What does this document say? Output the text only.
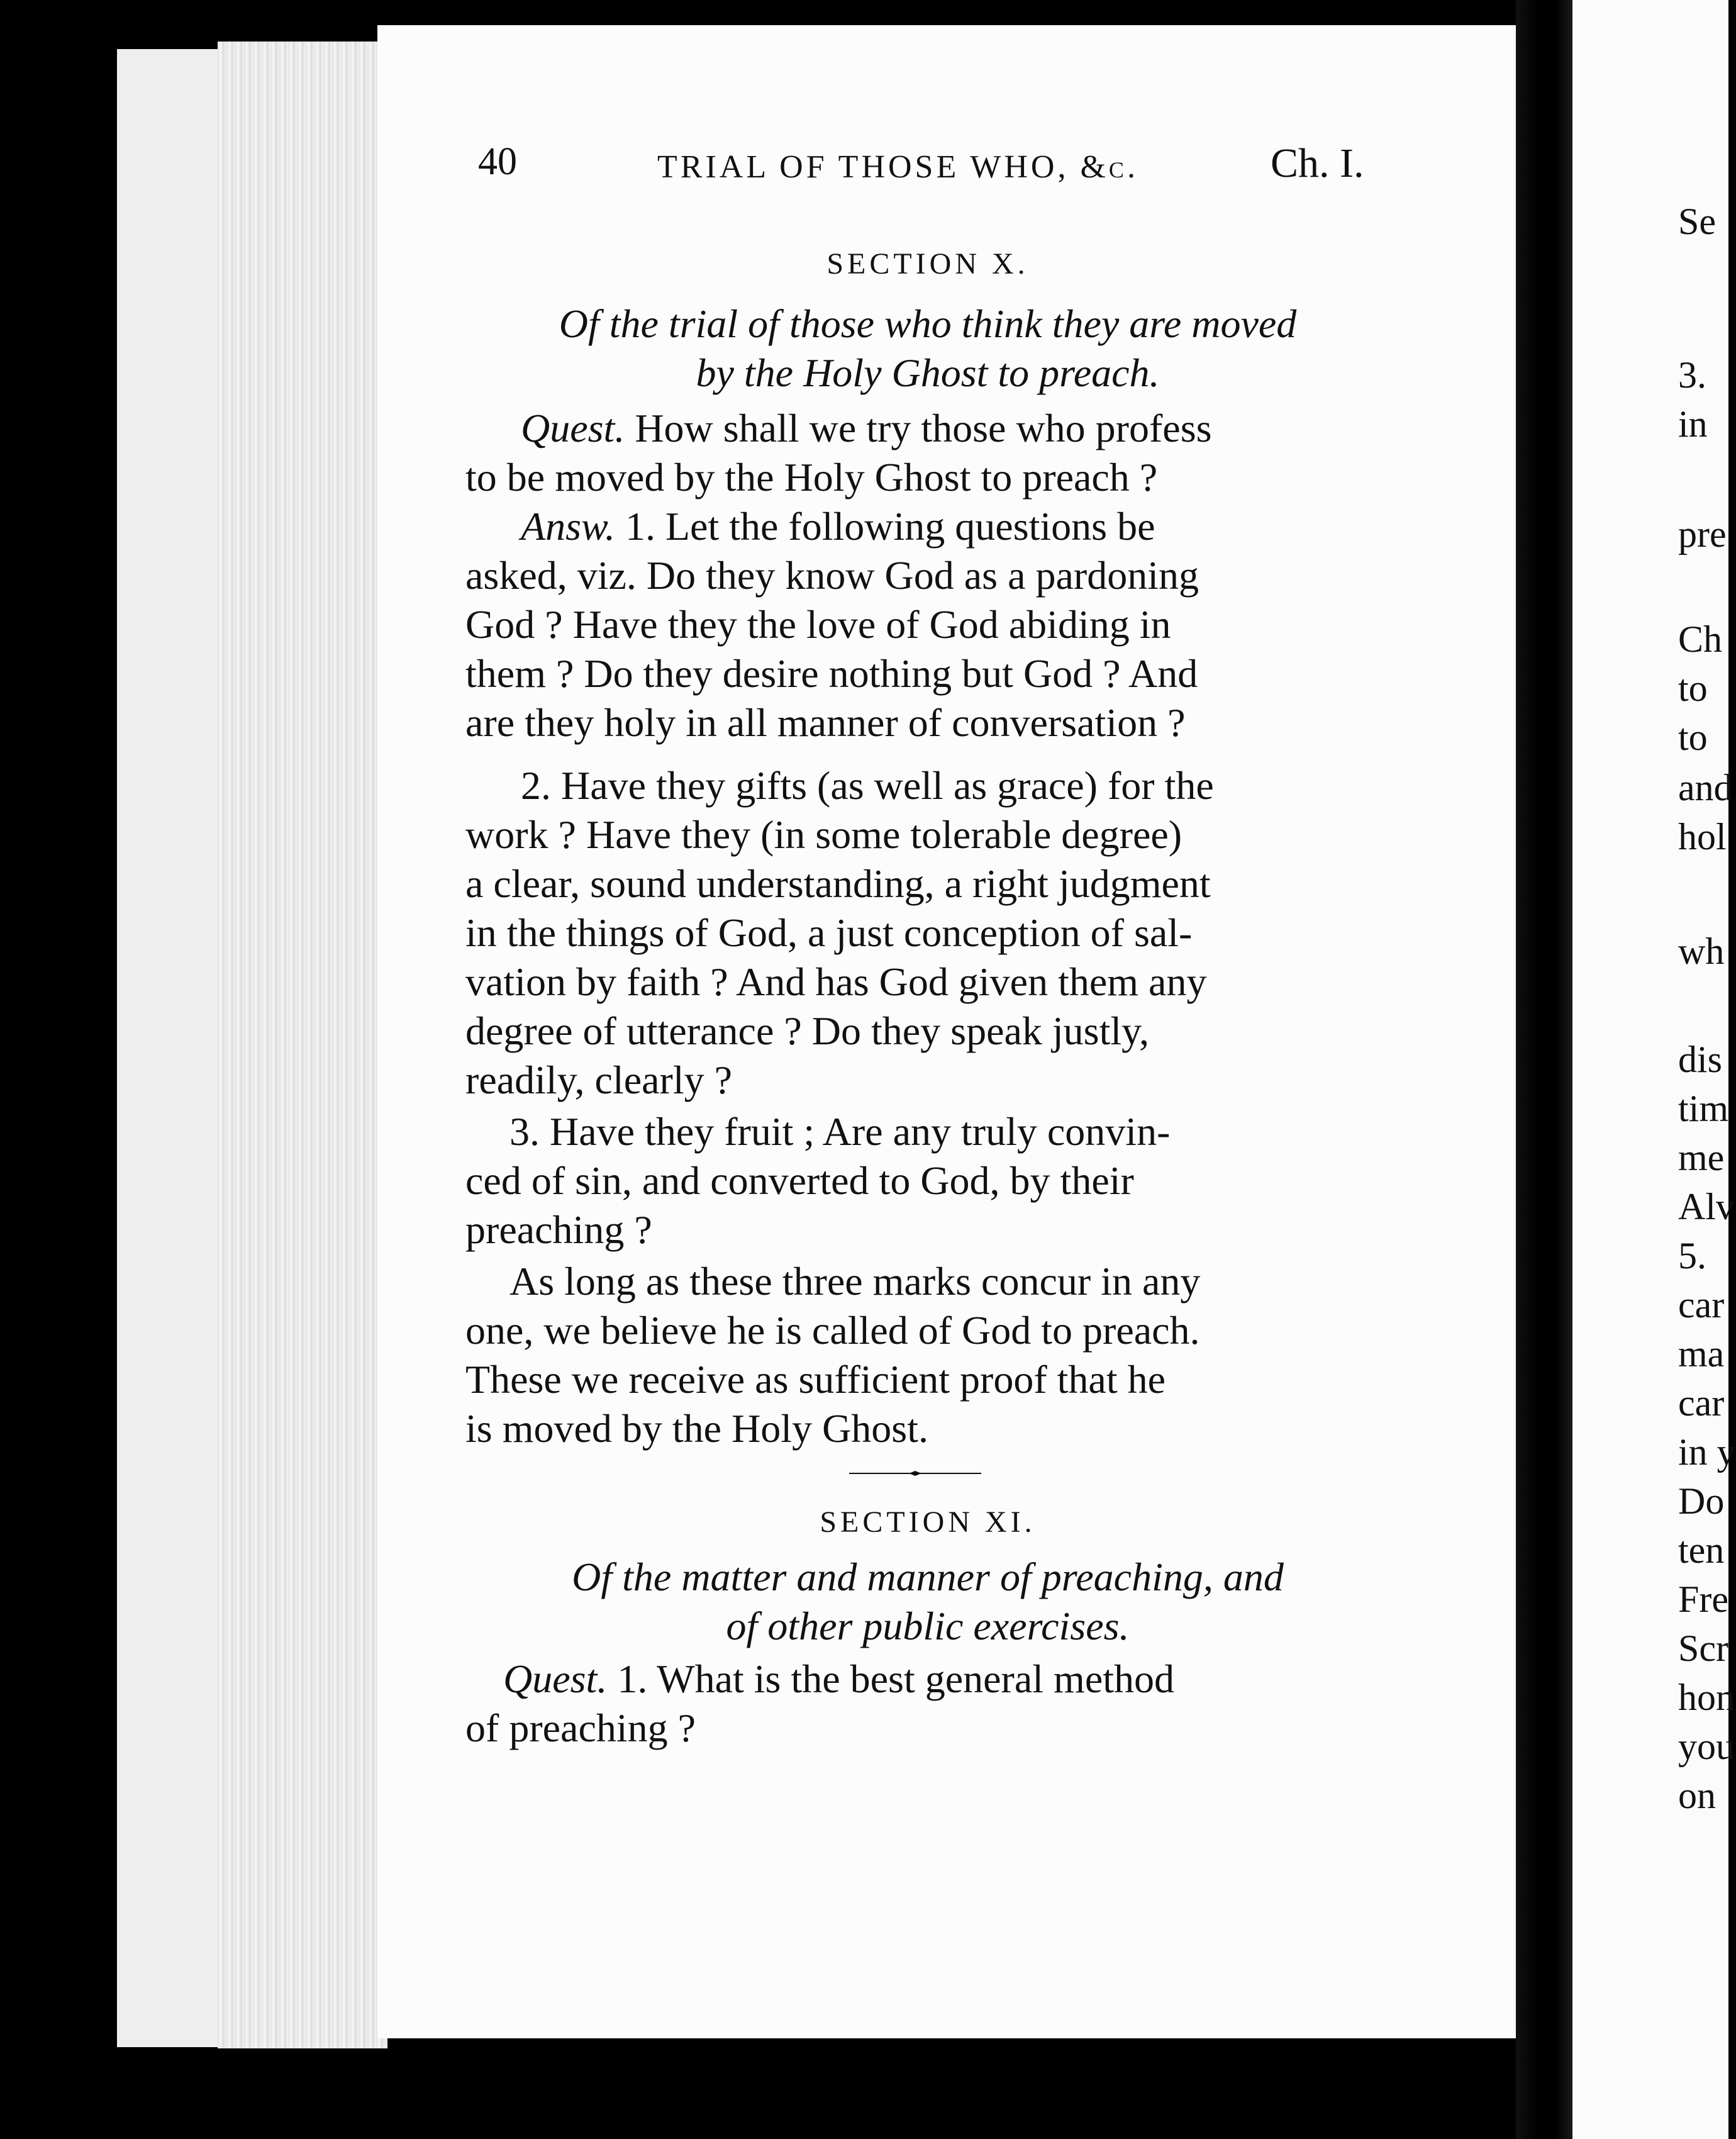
40	TRIAL OF THOSE WHO, &c.	Ch. I.
SECTION X.
Of the trial of those who think they are moved
by the Holy Ghost to preach.
Quest.
How shall we try those who profess
to be moved by the Holy Ghost to preach ?
Answ.
1. Let the following questions be
asked, viz. Do they know God as a pardoning
God ? Have they the love of God abiding in
them ? Do they desire nothing but God ? And
are they holy in all manner of conversation ?
2. Have they gifts (as well as grace) for the
work ? Have they (in some tolerable degree)
a clear, sound understanding, a right judgment
in the things of God, a just conception of sal-
vation by faith ? And has God given them any
degree of utterance ? Do they speak justly,
readily, clearly ?
3. Have they fruit ; Are any truly convin-
ced of sin, and converted to God, by their
preaching ?
As long as these three marks concur in any
one, we believe he is called of God to preach.
These we receive as sufficient proof that he
is moved by the Holy Ghost.
SECTION XI.
Of the matter and manner of preaching, and
of other public exercises.
Quest.
1. What is the best general method
of preaching ?
Se
3.
in
pre
Ch
to
to
and
hol
wh
dis
tim
me
Alv
5.
car
ma
car
in y
Do
ten
Fre
Scr
hon
you
on
